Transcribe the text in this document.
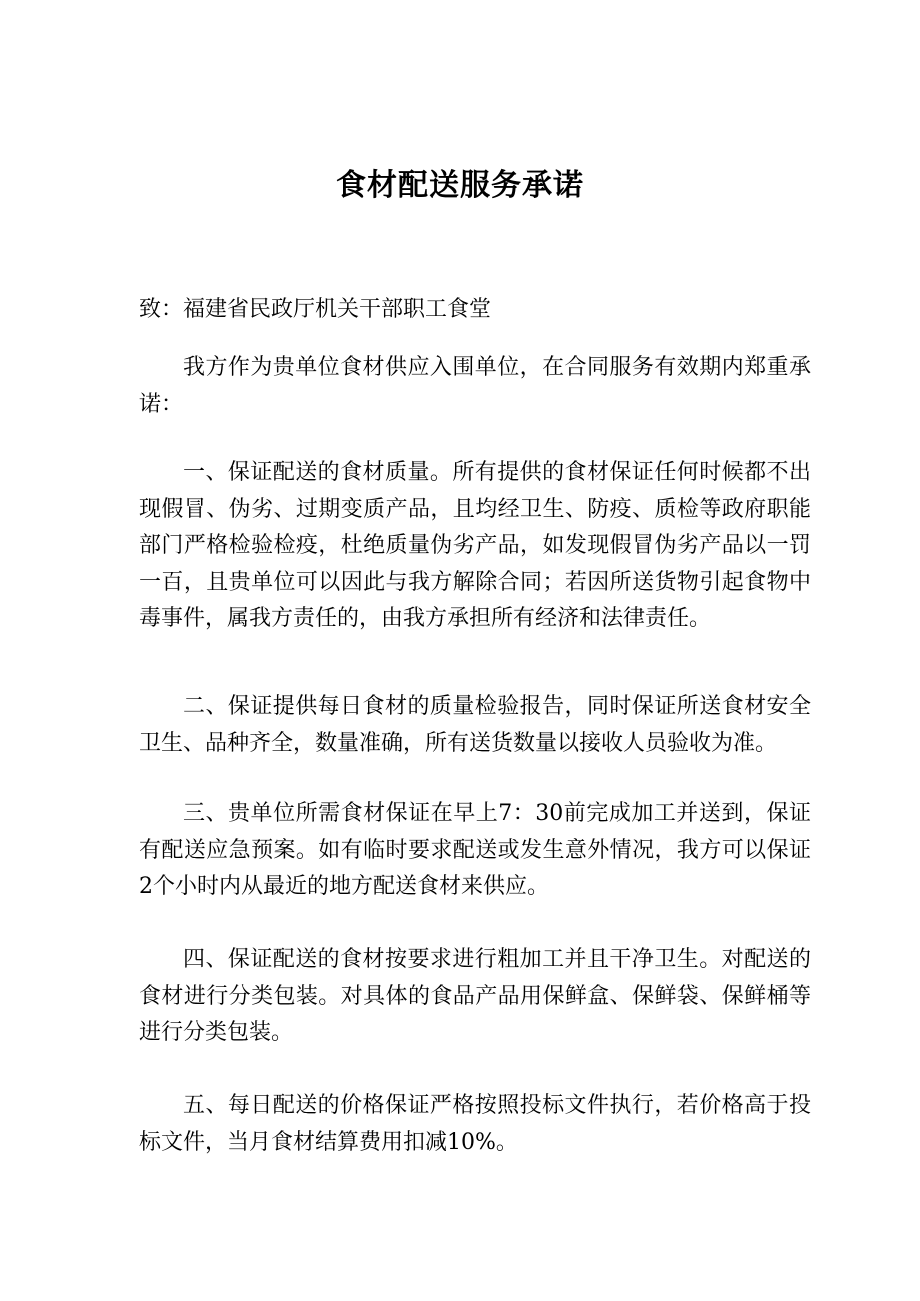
食材配送服务承诺

致：福建省民政厅机关干部职工食堂

我方作为贵单位食材供应入围单位，在合同服务有效期内郑重承诺：

一、保证配送的食材质量。所有提供的食材保证任何时候都不出现假冒、伪劣、过期变质产品，且均经卫生、防疫、质检等政府职能部门严格检验检疫，杜绝质量伪劣产品，如发现假冒伪劣产品以一罚一百，且贵单位可以因此与我方解除合同；若因所送货物引起食物中毒事件，属我方责任的，由我方承担所有经济和法律责任。

二、保证提供每日食材的质量检验报告，同时保证所送食材安全卫生、品种齐全，数量准确，所有送货数量以接收人员验收为准。

三、贵单位所需食材保证在早上7：30前完成加工并送到，保证有配送应急预案。如有临时要求配送或发生意外情况，我方可以保证2个小时内从最近的地方配送食材来供应。

四、保证配送的食材按要求进行粗加工并且干净卫生。对配送的食材进行分类包装。对具体的食品产品用保鲜盒、保鲜袋、保鲜桶等进行分类包装。

五、每日配送的价格保证严格按照投标文件执行，若价格高于投标文件，当月食材结算费用扣减10%。
